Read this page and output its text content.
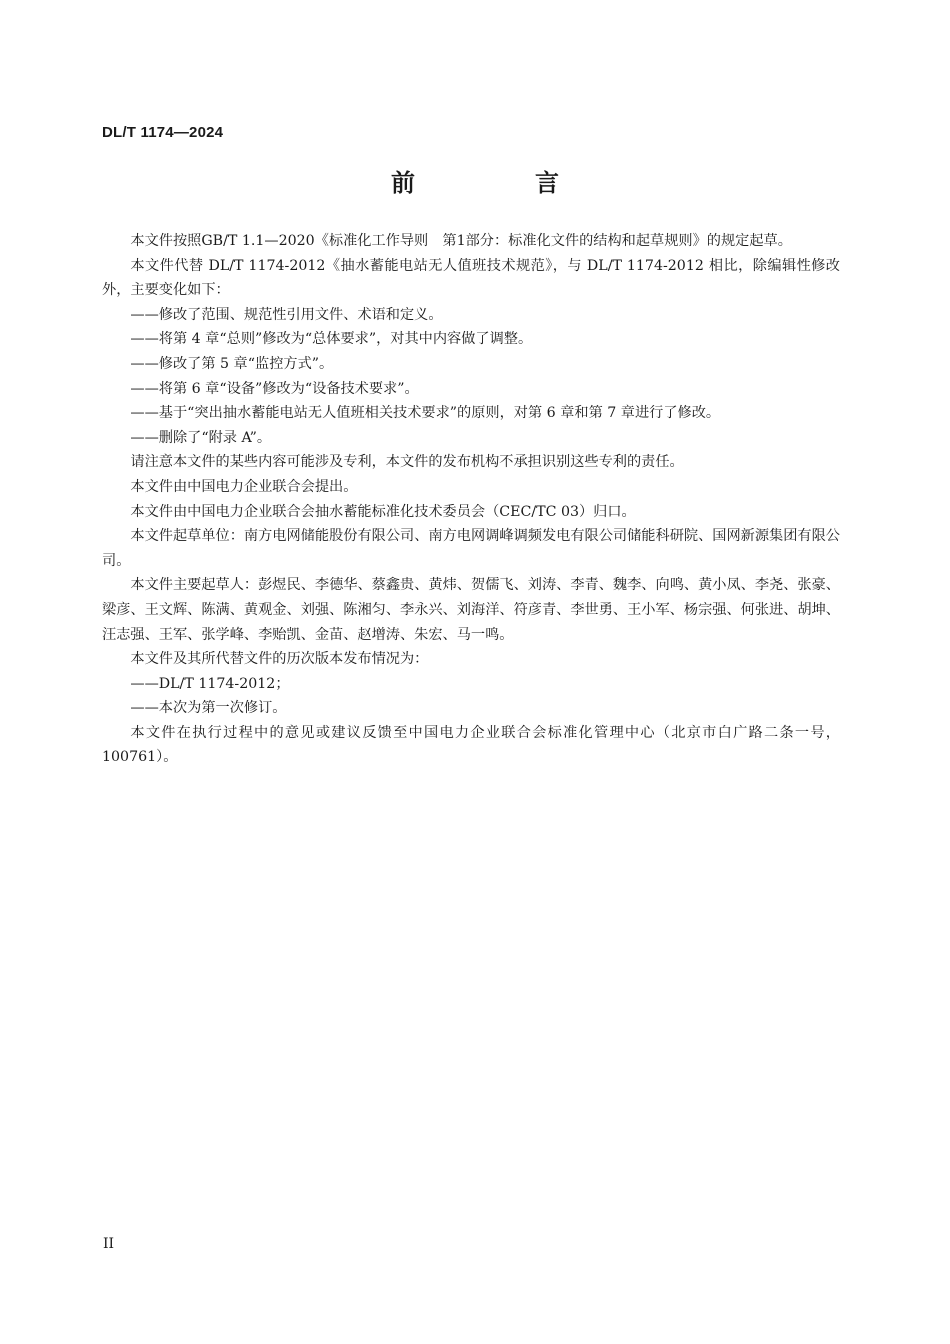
DL/T 1174—2024
前　言

本文件按照GB/T 1.1—2020《标准化工作导则　第1部分：标准化文件的结构和起草规则》的规定起草。

本文件代替 DL/T 1174-2012《抽水蓄能电站无人值班技术规范》，与 DL/T 1174-2012 相比，除编辑性修改外，主要变化如下：

——修改了范围、规范性引用文件、术语和定义。

——将第 4 章“总则”修改为“总体要求”，对其中内容做了调整。

——修改了第 5 章“监控方式”。

——将第 6 章“设备”修改为“设备技术要求”。

——基于“突出抽水蓄能电站无人值班相关技术要求”的原则，对第 6 章和第 7 章进行了修改。

——删除了“附录 A”。

请注意本文件的某些内容可能涉及专利，本文件的发布机构不承担识别这些专利的责任。

本文件由中国电力企业联合会提出。

本文件由中国电力企业联合会抽水蓄能标准化技术委员会（CEC/TC 03）归口。

本文件起草单位：南方电网储能股份有限公司、南方电网调峰调频发电有限公司储能科研院、国网新源集团有限公司。

本文件主要起草人：彭煜民、李德华、蔡鑫贵、黄炜、贺儒飞、刘涛、李青、魏李、向鸣、黄小凤、李尧、张豪、梁彦、王文辉、陈满、黄观金、刘强、陈湘匀、李永兴、刘海洋、符彦青、李世勇、王小军、杨宗强、何张进、胡坤、汪志强、王军、张学峰、李贻凯、金苗、赵增涛、朱宏、马一鸣。

本文件及其所代替文件的历次版本发布情况为：

——DL/T 1174-2012；

——本次为第一次修订。

本文件在执行过程中的意见或建议反馈至中国电力企业联合会标准化管理中心（北京市白广路二条一号，100761）。

II
